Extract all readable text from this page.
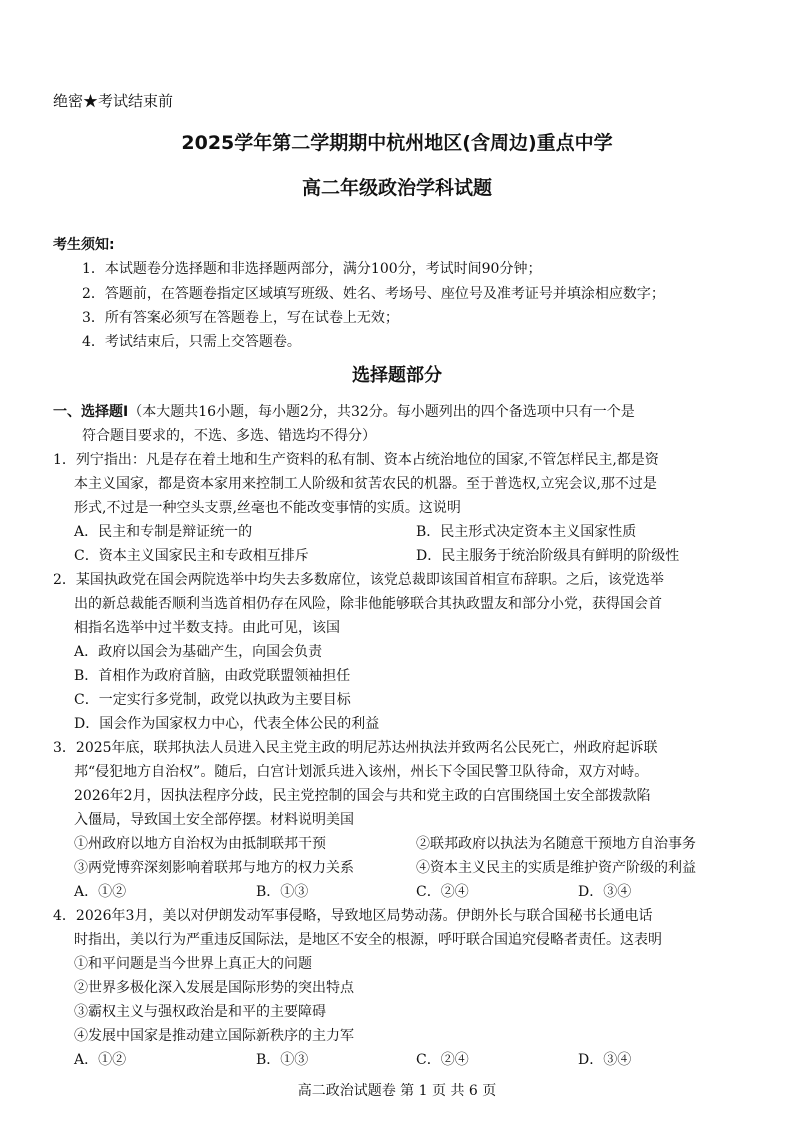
绝密★考试结束前
2025学年第二学期期中杭州地区(含周边)重点中学
高二年级政治学科试题
考生须知:
1．本试题卷分选择题和非选择题两部分，满分100分，考试时间90分钟；
2．答题前，在答题卷指定区域填写班级、姓名、考场号、座位号及准考证号并填涂相应数字；
3．所有答案必须写在答题卷上，写在试卷上无效；
4．考试结束后，只需上交答题卷。
选择题部分
一、选择题Ⅰ（本大题共16小题，每小题2分，共32分。每小题列出的四个备选项中只有一个是
符合题目要求的，不选、多选、错选均不得分）
1．列宁指出：凡是存在着土地和生产资料的私有制、资本占统治地位的国家,不管怎样民主,都是资
本主义国家，都是资本家用来控制工人阶级和贫苦农民的机器。至于普选权,立宪会议,那不过是
形式,不过是一种空头支票,丝毫也不能改变事情的实质。这说明
A．民主和专制是辩证统一的	B．民主形式决定资本主义国家性质
C．资本主义国家民主和专政相互排斥	D．民主服务于统治阶级具有鲜明的阶级性
2．某国执政党在国会两院选举中均失去多数席位，该党总裁即该国首相宣布辞职。之后，该党选举
出的新总裁能否顺利当选首相仍存在风险，除非他能够联合其执政盟友和部分小党，获得国会首
相指名选举中过半数支持。由此可见，该国
A．政府以国会为基础产生，向国会负责
B．首相作为政府首脑，由政党联盟领袖担任
C．一定实行多党制，政党以执政为主要目标
D．国会作为国家权力中心，代表全体公民的利益
3．2025年底，联邦执法人员进入民主党主政的明尼苏达州执法并致两名公民死亡，州政府起诉联
邦“侵犯地方自治权”。随后，白宫计划派兵进入该州，州长下令国民警卫队待命，双方对峙。
2026年2月，因执法程序分歧，民主党控制的国会与共和党主政的白宫围绕国土安全部拨款陷
入僵局，导致国土安全部停摆。材料说明美国
①州政府以地方自治权为由抵制联邦干预	②联邦政府以执法为名随意干预地方自治事务
③两党博弈深刻影响着联邦与地方的权力关系	④资本主义民主的实质是维护资产阶级的利益
A．①②	B．①③	C．②④	D．③④
4．2026年3月，美以对伊朗发动军事侵略，导致地区局势动荡。伊朗外长与联合国秘书长通电话
时指出，美以行为严重违反国际法，是地区不安全的根源，呼吁联合国追究侵略者责任。这表明
①和平问题是当今世界上真正大的问题
②世界多极化深入发展是国际形势的突出特点
③霸权主义与强权政治是和平的主要障碍
④发展中国家是推动建立国际新秩序的主力军
A．①②	B．①③	C．②④	D．③④
高二政治试题卷 第 1 页 共 6 页
